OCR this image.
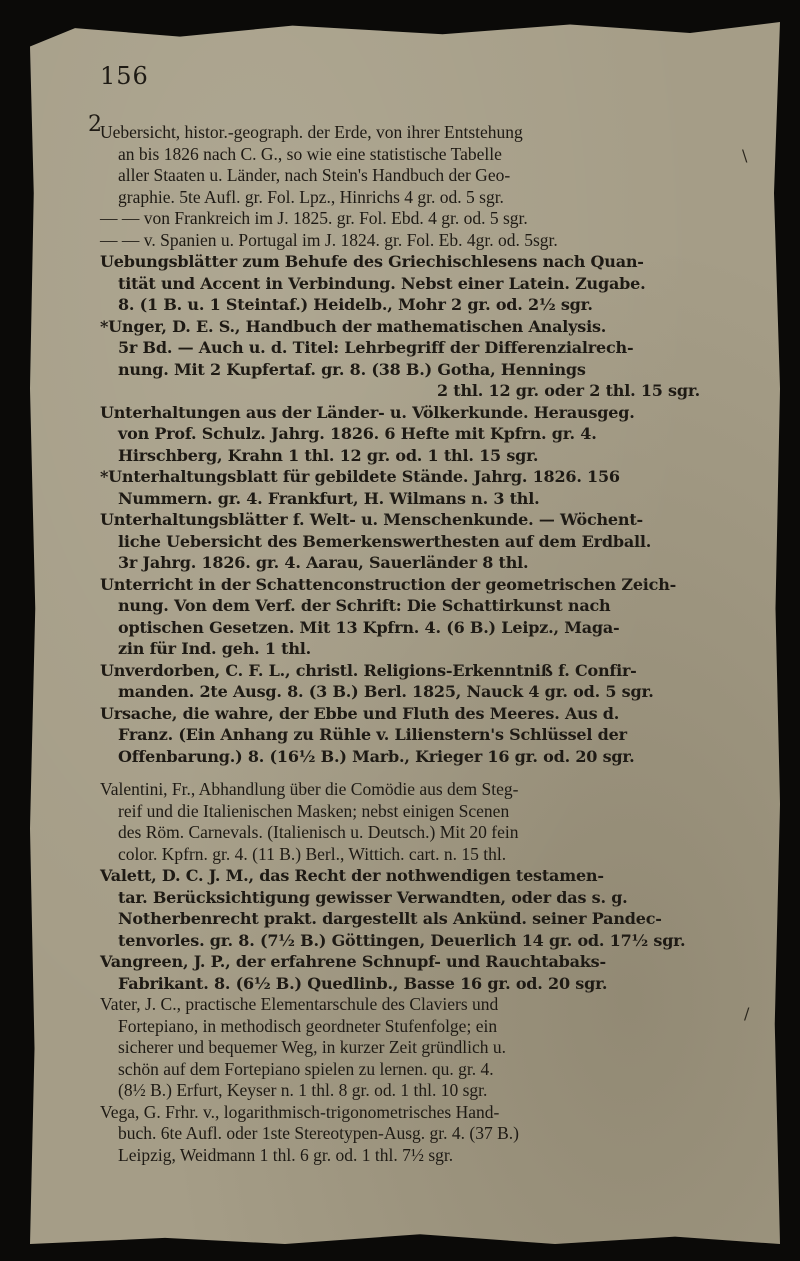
156
2
\
/
Uebersicht, histor.-geograph. der Erde, von ihrer Entstehung
an bis 1826 nach C. G., so wie eine statistische Tabelle
aller Staaten u. Länder, nach Stein's Handbuch der Geo-
graphie. 5te Aufl. gr. Fol. Lpz., Hinrichs 4 gr. od. 5 sgr.
— — von Frankreich im J. 1825. gr. Fol. Ebd. 4 gr. od. 5 sgr.
— — v. Spanien u. Portugal im J. 1824. gr. Fol. Eb. 4gr. od. 5sgr.
Uebungsblätter zum Behufe des Griechischlesens nach Quan-
tität und Accent in Verbindung. Nebst einer Latein. Zugabe.
8. (1 B. u. 1 Steintaf.) Heidelb., Mohr 2 gr. od. 2½ sgr.
*Unger, D. E. S., Handbuch der mathematischen Analysis.
5r Bd. — Auch u. d. Titel: Lehrbegriff der Differenzialrech-
nung. Mit 2 Kupfertaf. gr. 8. (38 B.) Gotha, Hennings
2 thl. 12 gr. oder 2 thl. 15 sgr.
Unterhaltungen aus der Länder- u. Völkerkunde. Herausgeg.
von Prof. Schulz. Jahrg. 1826. 6 Hefte mit Kpfrn. gr. 4.
Hirschberg, Krahn 1 thl. 12 gr. od. 1 thl. 15 sgr.
*Unterhaltungsblatt für gebildete Stände. Jahrg. 1826. 156
Nummern. gr. 4. Frankfurt, H. Wilmans n. 3 thl.
Unterhaltungsblätter f. Welt- u. Menschenkunde. — Wöchent-
liche Uebersicht des Bemerkenswerthesten auf dem Erdball.
3r Jahrg. 1826. gr. 4. Aarau, Sauerländer 8 thl.
Unterricht in der Schattenconstruction der geometrischen Zeich-
nung. Von dem Verf. der Schrift: Die Schattirkunst nach
optischen Gesetzen. Mit 13 Kpfrn. 4. (6 B.) Leipz., Maga-
zin für Ind. geh. 1 thl.
Unverdorben, C. F. L., christl. Religions-Erkenntniß f. Confir-
manden. 2te Ausg. 8. (3 B.) Berl. 1825, Nauck 4 gr. od. 5 sgr.
Ursache, die wahre, der Ebbe und Fluth des Meeres. Aus d.
Franz. (Ein Anhang zu Rühle v. Lilienstern's Schlüssel der
Offenbarung.) 8. (16½ B.) Marb., Krieger 16 gr. od. 20 sgr.
Valentini, Fr., Abhandlung über die Comödie aus dem Steg-
reif und die Italienischen Masken; nebst einigen Scenen
des Röm. Carnevals. (Italienisch u. Deutsch.) Mit 20 fein
color. Kpfrn. gr. 4. (11 B.) Berl., Wittich. cart. n. 15 thl.
Valett, D. C. J. M., das Recht der nothwendigen testamen-
tar. Berücksichtigung gewisser Verwandten, oder das s. g.
Notherbenrecht prakt. dargestellt als Ankünd. seiner Pandec-
tenvorles. gr. 8. (7½ B.) Göttingen, Deuerlich 14 gr. od. 17½ sgr.
Vangreen, J. P., der erfahrene Schnupf- und Rauchtabaks-
Fabrikant. 8. (6½ B.) Quedlinb., Basse 16 gr. od. 20 sgr.
Vater, J. C., practische Elementarschule des Claviers und
Fortepiano, in methodisch geordneter Stufenfolge; ein
sicherer und bequemer Weg, in kurzer Zeit gründlich u.
schön auf dem Fortepiano spielen zu lernen. qu. gr. 4.
(8½ B.) Erfurt, Keyser n. 1 thl. 8 gr. od. 1 thl. 10 sgr.
Vega, G. Frhr. v., logarithmisch-trigonometrisches Hand-
buch. 6te Aufl. oder 1ste Stereotypen-Ausg. gr. 4. (37 B.)
Leipzig, Weidmann 1 thl. 6 gr. od. 1 thl. 7½ sgr.
